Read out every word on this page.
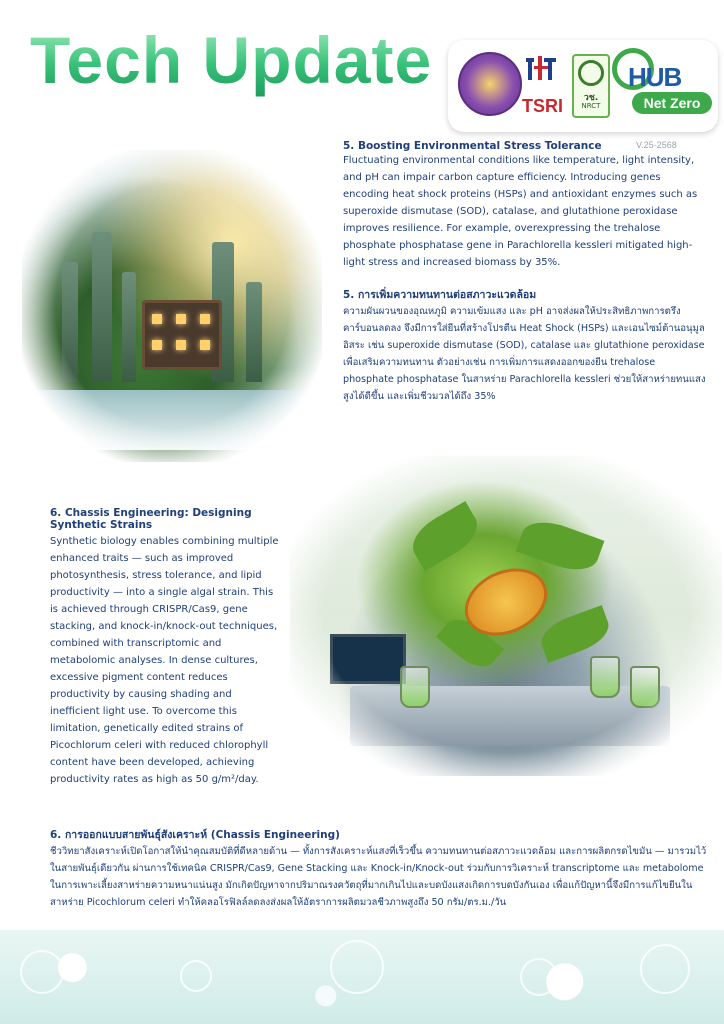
Tech Update
TSRI	วช.
NRCT
HUB
Net Zero
V.25-2568

5. Boosting Environmental Stress Tolerance

Fluctuating environmental conditions like temperature, light intensity, and pH can impair carbon capture efficiency. Introducing genes encoding heat shock proteins (HSPs) and antioxidant enzymes such as superoxide dismutase (SOD), catalase, and glutathione peroxidase improves resilience. For example, overexpressing the trehalose phosphate phosphatase gene in Parachlorella kessleri mitigated high-light stress and increased biomass by 35%.

5. การเพิ่มความทนทานต่อสภาวะแวดล้อม

ความผันผวนของอุณหภูมิ ความเข้มแสง และ pH อาจส่งผลให้ประสิทธิภาพการตรึงคาร์บอนลดลง จึงมีการใส่ยีนที่สร้างโปรตีน Heat Shock (HSPs) และเอนไซม์ต้านอนุมูลอิสระ เช่น superoxide dismutase (SOD), catalase และ glutathione peroxidase เพื่อเสริมความทนทาน ตัวอย่างเช่น การเพิ่มการแสดงออกของยีน trehalose phosphate phosphatase ในสาหร่าย Parachlorella kessleri ช่วยให้สาหร่ายทนแสงสูงได้ดีขึ้น และเพิ่มชีวมวลได้ถึง 35%

6. Chassis Engineering: Designing

Synthetic Strains

Synthetic biology enables combining multiple enhanced traits — such as improved photosynthesis, stress tolerance, and lipid productivity — into a single algal strain. This is achieved through CRISPR/Cas9, gene stacking, and knock-in/knock-out techniques, combined with transcriptomic and metabolomic analyses. In dense cultures, excessive pigment content reduces productivity by causing shading and inefficient light use. To overcome this limitation, genetically edited strains of Picochlorum celeri with reduced chlorophyll content have been developed, achieving productivity rates as high as 50 g/m²/day.

6. การออกแบบสายพันธุ์สังเคราะห์ (Chassis Engineering)

ชีววิทยาสังเคราะห์เปิดโอกาสให้นำคุณสมบัติที่ดีหลายด้าน — ทั้งการสังเคราะห์แสงที่เร็วขึ้น ความทนทานต่อสภาวะแวดล้อม และการผลิตกรดไขมัน — มารวมไว้ในสายพันธุ์เดียวกัน ผ่านการใช้เทคนิค CRISPR/Cas9, Gene Stacking และ Knock-in/Knock-out ร่วมกับการวิเคราะห์ transcriptome และ metabolome ในการเพาะเลี้ยงสาหร่ายความหนาแน่นสูง มักเกิดปัญหาจากปริมาณรงควัตถุที่มากเกินไปและบดบังแสงเกิดการบดบังกันเอง เพื่อแก้ปัญหานี้จึงมีการแก้ไขยีนในสาหร่าย Picochlorum celeri ทำให้คลอโรฟิลล์ลดลงส่งผลให้อัตราการผลิตมวลชีวภาพสูงถึง 50 กรัม/ตร.ม./วัน
